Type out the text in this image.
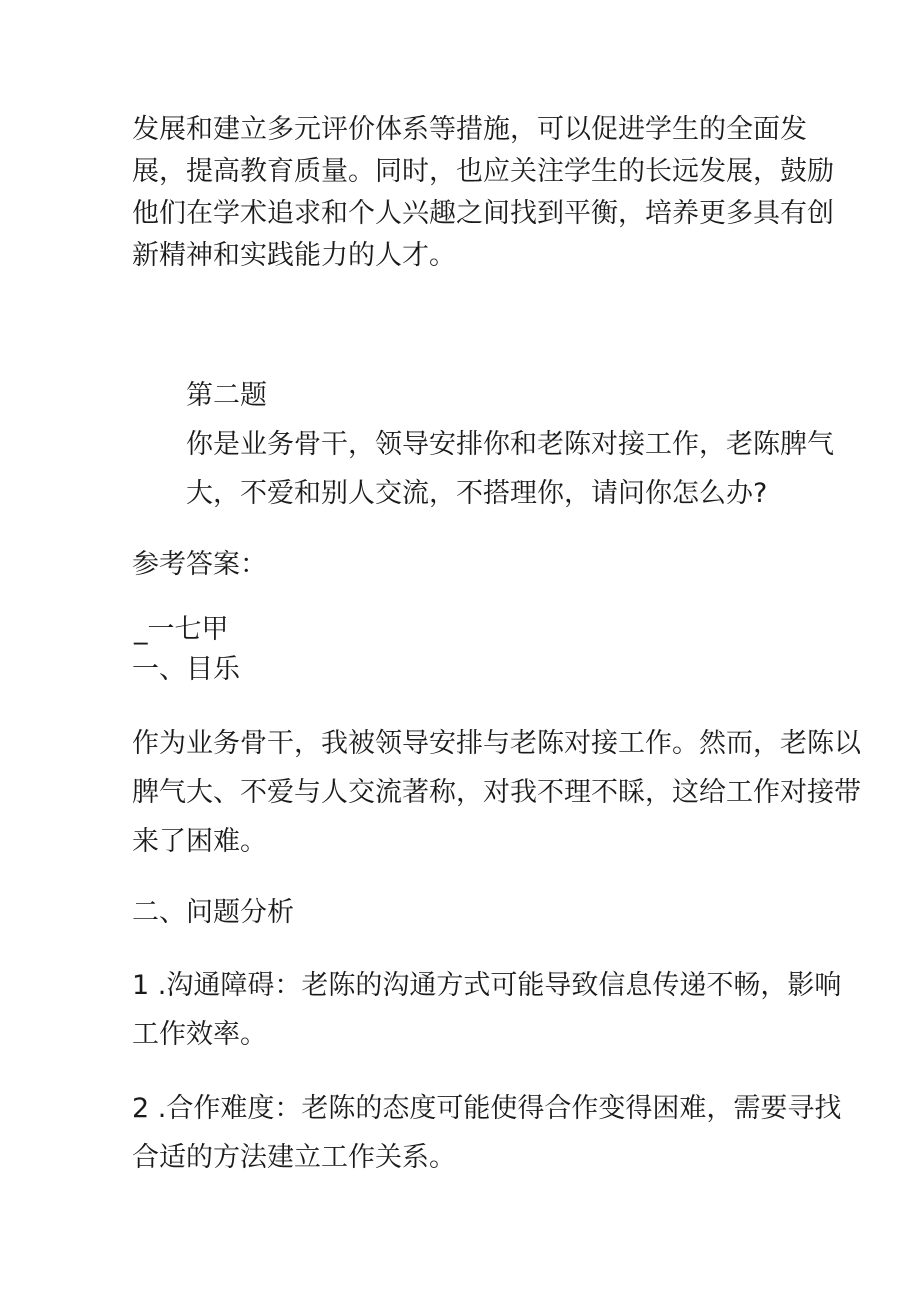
发展和建立多元评价体系等措施，可以促进学生的全面发

展，提高教育质量。同时，也应关注学生的长远发展，鼓励

他们在学术追求和个人兴趣之间找到平衡，培养更多具有创

新精神和实践能力的人才。

第二题

你是业务骨干，领导安排你和老陈对接工作，老陈脾气

大，不爱和别人交流，不搭理你，请问你怎么办?

参考答案：

_一七甲

一、目乐

作为业务骨干，我被领导安排与老陈对接工作。然而，老陈以

脾气大、不爱与人交流著称，对我不理不睬，这给工作对接带

来了困难。

二、问题分析

1 .沟通障碍：老陈的沟通方式可能导致信息传递不畅，影响

工作效率。

2 .合作难度：老陈的态度可能使得合作变得困难，需要寻找

合适的方法建立工作关系。
